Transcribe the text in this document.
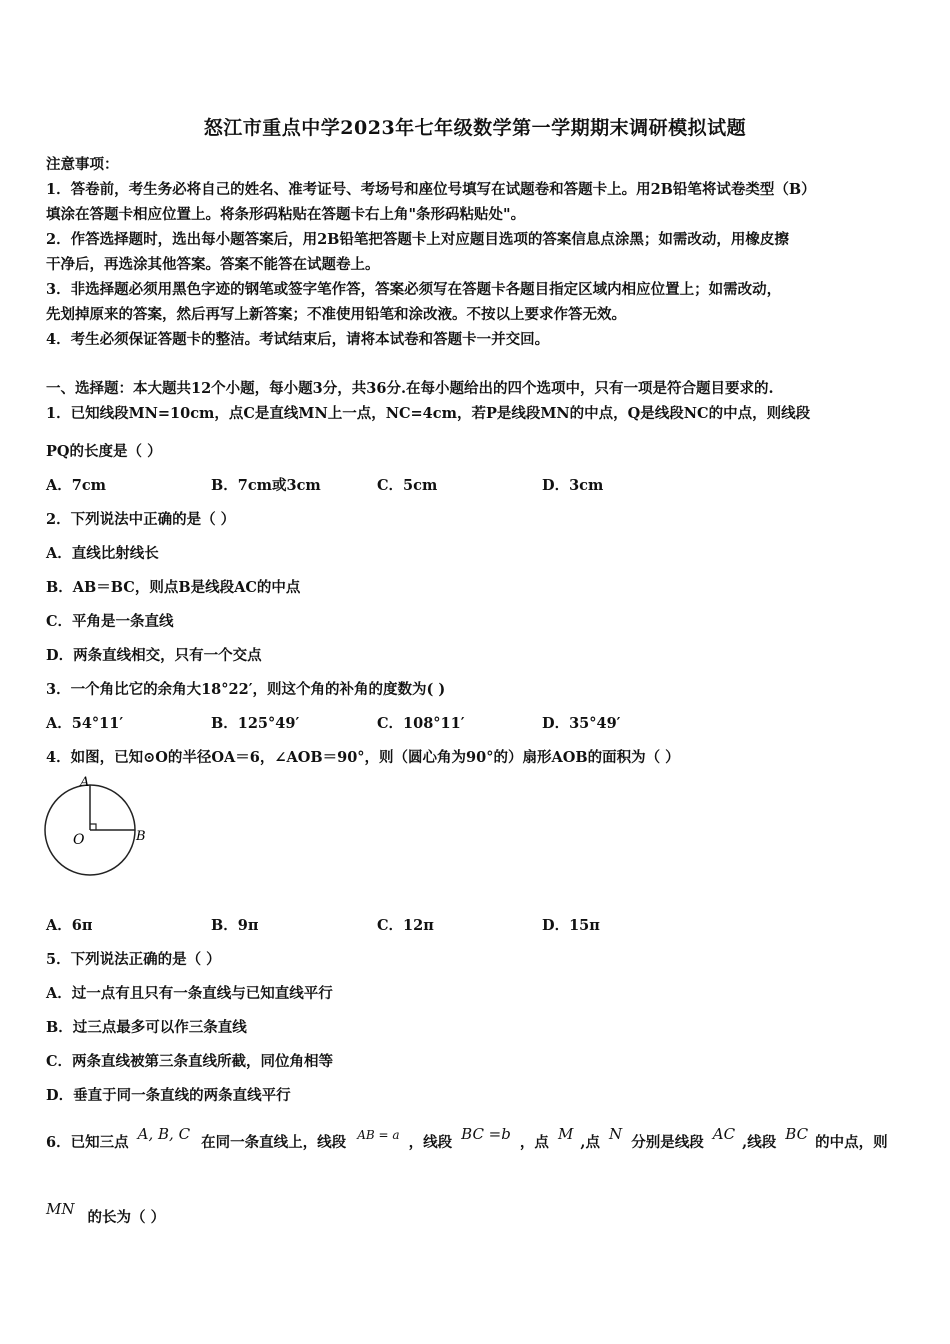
怒江市重点中学2023年七年级数学第一学期期末调研模拟试题
注意事项：
1．答卷前，考生务必将自己的姓名、准考证号、考场号和座位号填写在试题卷和答题卡上。用2B铅笔将试卷类型（B）
填涂在答题卡相应位置上。将条形码粘贴在答题卡右上角"条形码粘贴处"。
2．作答选择题时，选出每小题答案后，用2B铅笔把答题卡上对应题目选项的答案信息点涂黑；如需改动，用橡皮擦
干净后，再选涂其他答案。答案不能答在试题卷上。
3．非选择题必须用黑色字迹的钢笔或签字笔作答，答案必须写在答题卡各题目指定区域内相应位置上；如需改动，
先划掉原来的答案，然后再写上新答案；不准使用铅笔和涂改液。不按以上要求作答无效。
4．考生必须保证答题卡的整洁。考试结束后，请将本试卷和答题卡一并交回。
一、选择题：本大题共12个小题，每小题3分，共36分.在每小题给出的四个选项中，只有一项是符合题目要求的.
1．已知线段MN=10cm，点C是直线MN上一点，NC=4cm，若P是线段MN的中点，Q是线段NC的中点，则线段
PQ的长度是（ ）
A．7cm	B．7cm或3cm	C．5cm	D．3cm
2．下列说法中正确的是（ ）
A．直线比射线长
B．AB＝BC，则点B是线段AC的中点
C．平角是一条直线
D．两条直线相交，只有一个交点
3．一个角比它的余角大18°22′，则这个角的补角的度数为( )
A．54°11′	B．125°49′	C．108°11′	D．35°49′
4．如图，已知⊙O的半径OA＝6，∠AOB＝90°，则（圆心角为90°的）扇形AOB的面积为（ ）
A
O	B
A．6π	B．9π	C．12π	D．15π
5．下列说法正确的是（ ）
A．过一点有且只有一条直线与已知直线平行
B．过三点最多可以作三条直线
C．两条直线被第三条直线所截，同位角相等
D．垂直于同一条直线的两条直线平行
6．已知三点 A, B, C 在同一条直线上，线段 $^{AB = a}$ ，线段 BC =b ，点 M ,点 N 分别是线段 AC ,线段 BC 的中点，则
MN 的长为（ ）
